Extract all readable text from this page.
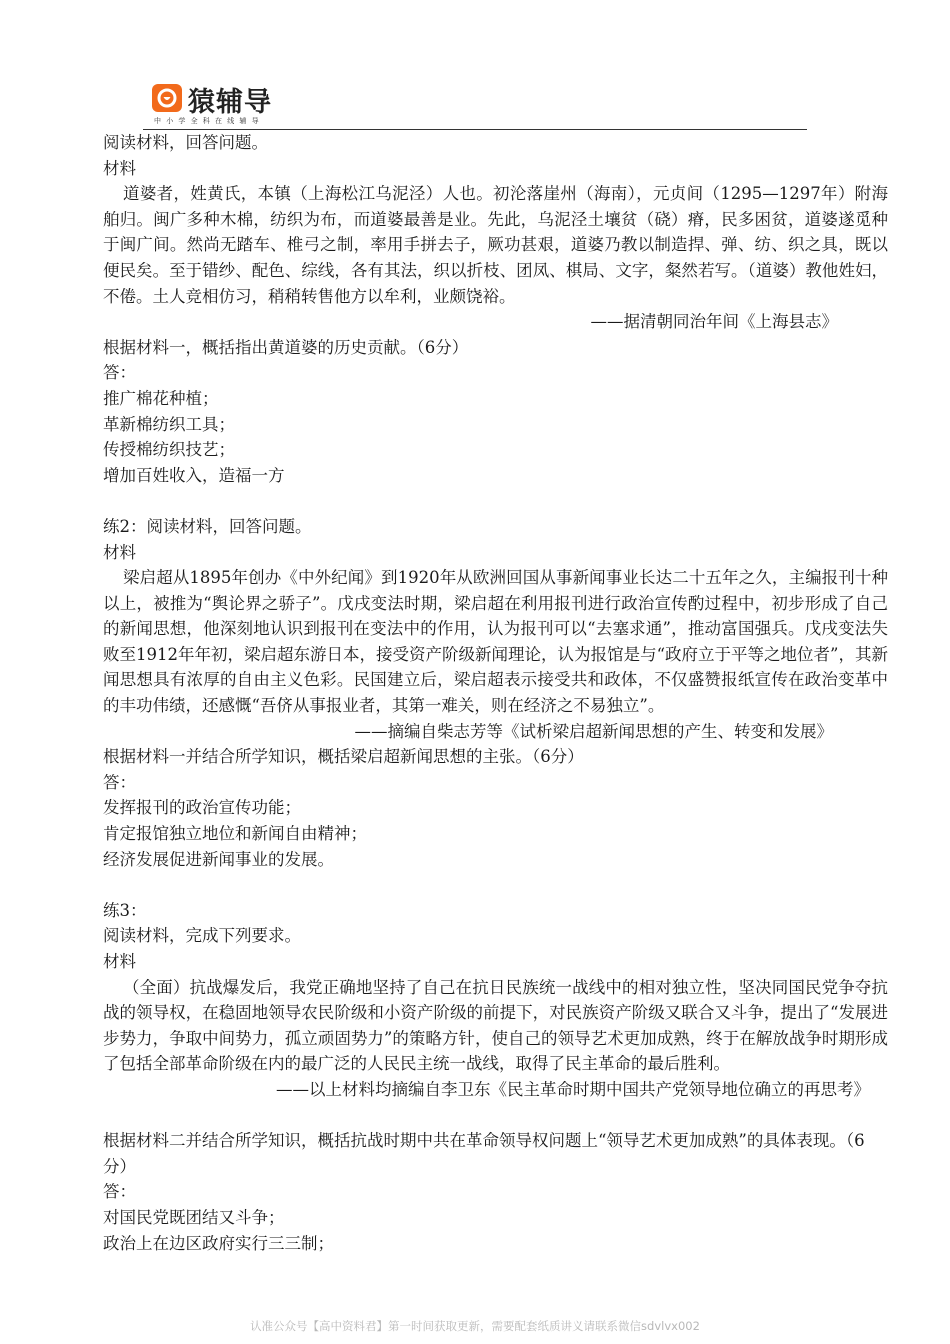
猿辅导
中小学全科在线辅导

阅读材料，回答问题。

材料

道婆者，姓黄氏，本镇（上海松江乌泥泾）人也。初沦落崖州（海南），元贞间（1295—1297年）附海舶归。闽广多种木棉，纺织为布，而道婆最善是业。先此，乌泥泾土壤贫（硗）瘠，民多困贫，道婆遂觅种于闽广间。然尚无踏车、椎弓之制，率用手拼去子，厥功甚艰，道婆乃教以制造捍、弹、纺、织之具，既以便民矣。至于错纱、配色、综线，各有其法，织以折枝、团凤、棋局、文字，粲然若写。（道婆）教他姓妇，不倦。土人竞相仿习，稍稍转售他方以牟利，业颇饶裕。

——据清朝同治年间《上海县志》

根据材料一，概括指出黄道婆的历史贡献。（6分）

答：

推广棉花种植；

革新棉纺织工具；

传授棉纺织技艺；

增加百姓收入，造福一方

练2：阅读材料，回答问题。

材料

梁启超从1895年创办《中外纪闻》到1920年从欧洲回国从事新闻事业长达二十五年之久，主编报刊十种以上，被推为“舆论界之骄子”。戊戌变法时期，梁启超在利用报刊进行政治宣传酌过程中，初步形成了自己的新闻思想，他深刻地认识到报刊在变法中的作用，认为报刊可以“去塞求通”，推动富国强兵。戊戌变法失败至1912年年初，梁启超东游日本，接受资产阶级新闻理论，认为报馆是与“政府立于平等之地位者”，其新闻思想具有浓厚的自由主义色彩。民国建立后，梁启超表示接受共和政体，不仅盛赞报纸宣传在政治变革中的丰功伟绩，还感慨“吾侪从事报业者，其第一难关，则在经济之不易独立”。

——摘编自柴志芳等《试析梁启超新闻思想的产生、转变和发展》

根据材料一并结合所学知识，概括梁启超新闻思想的主张。（6分）

答：

发挥报刊的政治宣传功能；

肯定报馆独立地位和新闻自由精神；

经济发展促进新闻事业的发展。

练3：

阅读材料，完成下列要求。

材料

（全面）抗战爆发后，我党正确地坚持了自己在抗日民族统一战线中的相对独立性，坚决同国民党争夺抗战的领导权，在稳固地领导农民阶级和小资产阶级的前提下，对民族资产阶级又联合又斗争，提出了“发展进步势力，争取中间势力，孤立顽固势力”的策略方针，使自己的领导艺术更加成熟，终于在解放战争时期形成了包括全部革命阶级在内的最广泛的人民民主统一战线，取得了民主革命的最后胜利。

——以上材料均摘编自李卫东《民主革命时期中国共产党领导地位确立的再思考》

根据材料二并结合所学知识，概括抗战时期中共在革命领导权问题上“领导艺术更加成熟”的具体表现。（6分）

答：

对国民党既团结又斗争；

政治上在边区政府实行三三制；

认准公众号【高中资料君】第一时间获取更新，需要配套纸质讲义请联系微信sdvlvx002
